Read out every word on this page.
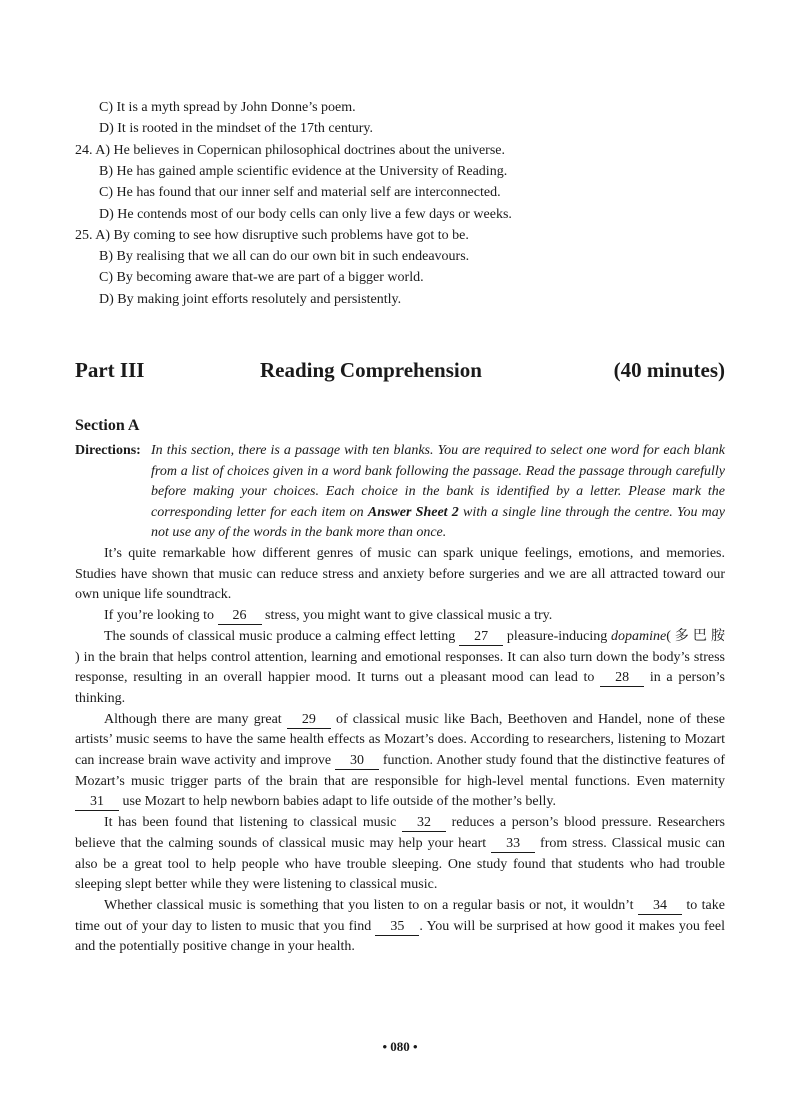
C) It is a myth spread by John Donne’s poem.
D) It is rooted in the mindset of the 17th century.
24. A) He believes in Copernican philosophical doctrines about the universe.
B) He has gained ample scientific evidence at the University of Reading.
C) He has found that our inner self and material self are interconnected.
D) He contends most of our body cells can only live a few days or weeks.
25. A) By coming to see how disruptive such problems have got to be.
B) By realising that we all can do our own bit in such endeavours.
C) By becoming aware that-we are part of a bigger world.
D) By making joint efforts resolutely and persistently.
Part III	Reading Comprehension	(40 minutes)
Section A
Directions: In this section, there is a passage with ten blanks. You are required to select one word for each blank from a list of choices given in a word bank following the passage. Read the passage through carefully before making your choices. Each choice in the bank is identified by a letter. Please mark the corresponding letter for each item on Answer Sheet 2 with a single line through the centre. You may not use any of the words in the bank more than once.

It’s quite remarkable how different genres of music can spark unique feelings, emotions, and memories. Studies have shown that music can reduce stress and anxiety before surgeries and we are all attracted toward our own unique life soundtrack.

If you’re looking to 26 stress, you might want to give classical music a try.

The sounds of classical music produce a calming effect letting 27 pleasure-inducing dopamine( 多 巴 胺 ) in the brain that helps control attention, learning and emotional responses. It can also turn down the body’s stress response, resulting in an overall happier mood. It turns out a pleasant mood can lead to 28 in a person’s thinking.

Although there are many great 29 of classical music like Bach, Beethoven and Handel, none of these artists’ music seems to have the same health effects as Mozart’s does. According to researchers, listening to Mozart can increase brain wave activity and improve 30 function. Another study found that the distinctive features of Mozart’s music trigger parts of the brain that are responsible for high-level mental functions. Even maternity 31 use Mozart to help newborn babies adapt to life outside of the mother’s belly.

It has been found that listening to classical music 32 reduces a person’s blood pressure. Researchers believe that the calming sounds of classical music may help your heart 33 from stress. Classical music can also be a great tool to help people who have trouble sleeping. One study found that students who had trouble sleeping slept better while they were listening to classical music.

Whether classical music is something that you listen to on a regular basis or not, it wouldn’t 34 to take time out of your day to listen to music that you find 35 . You will be surprised at how good it makes you feel and the potentially positive change in your health.

• 080 •
